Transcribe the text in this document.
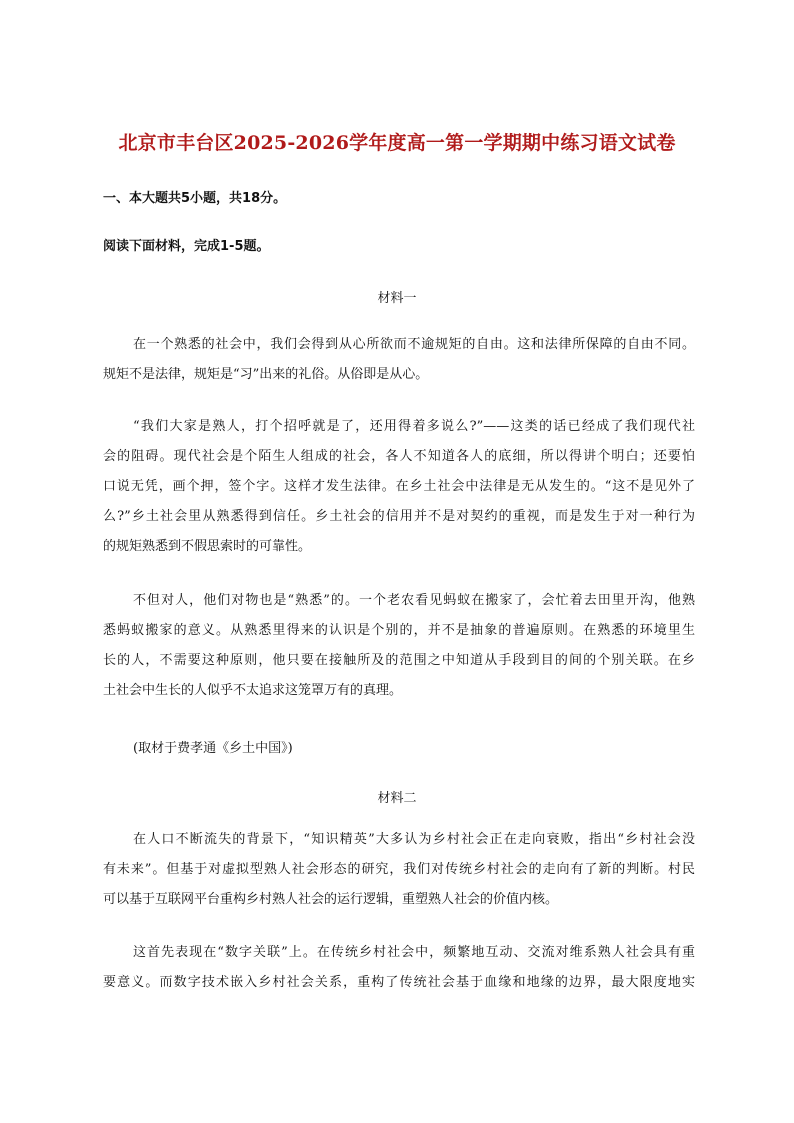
北京市丰台区2025-2026学年度高一第一学期期中练习语文试卷
一、本大题共5小题，共18分。
阅读下面材料，完成1-5题。
材料一
在一个熟悉的社会中，我们会得到从心所欲而不逾规矩的自由。这和法律所保障的自由不同。
规矩不是法律，规矩是“习”出来的礼俗。从俗即是从心。
“我们大家是熟人，打个招呼就是了，还用得着多说么?”——这类的话已经成了我们现代社
会的阻碍。现代社会是个陌生人组成的社会，各人不知道各人的底细，所以得讲个明白；还要怕
口说无凭，画个押，签个字。这样才发生法律。在乡土社会中法律是无从发生的。“这不是见外了
么?”乡土社会里从熟悉得到信任。乡土社会的信用并不是对契约的重视，而是发生于对一种行为
的规矩熟悉到不假思索时的可靠性。
不但对人，他们对物也是“熟悉”的。一个老农看见蚂蚁在搬家了，会忙着去田里开沟，他熟
悉蚂蚁搬家的意义。从熟悉里得来的认识是个别的，并不是抽象的普遍原则。在熟悉的环境里生
长的人，不需要这种原则，他只要在接触所及的范围之中知道从手段到目的间的个别关联。在乡
土社会中生长的人似乎不太追求这笼罩万有的真理。
(取材于费孝通《乡土中国》)
材料二
在人口不断流失的背景下，“知识精英”大多认为乡村社会正在走向衰败，指出“乡村社会没
有未来”。但基于对虚拟型熟人社会形态的研究，我们对传统乡村社会的走向有了新的判断。村民
可以基于互联网平台重构乡村熟人社会的运行逻辑，重塑熟人社会的价值内核。
这首先表现在“数字关联”上。在传统乡村社会中，频繁地互动、交流对维系熟人社会具有重
要意义。而数字技术嵌入乡村社会关系，重构了传统社会基于血缘和地缘的边界，最大限度地实
